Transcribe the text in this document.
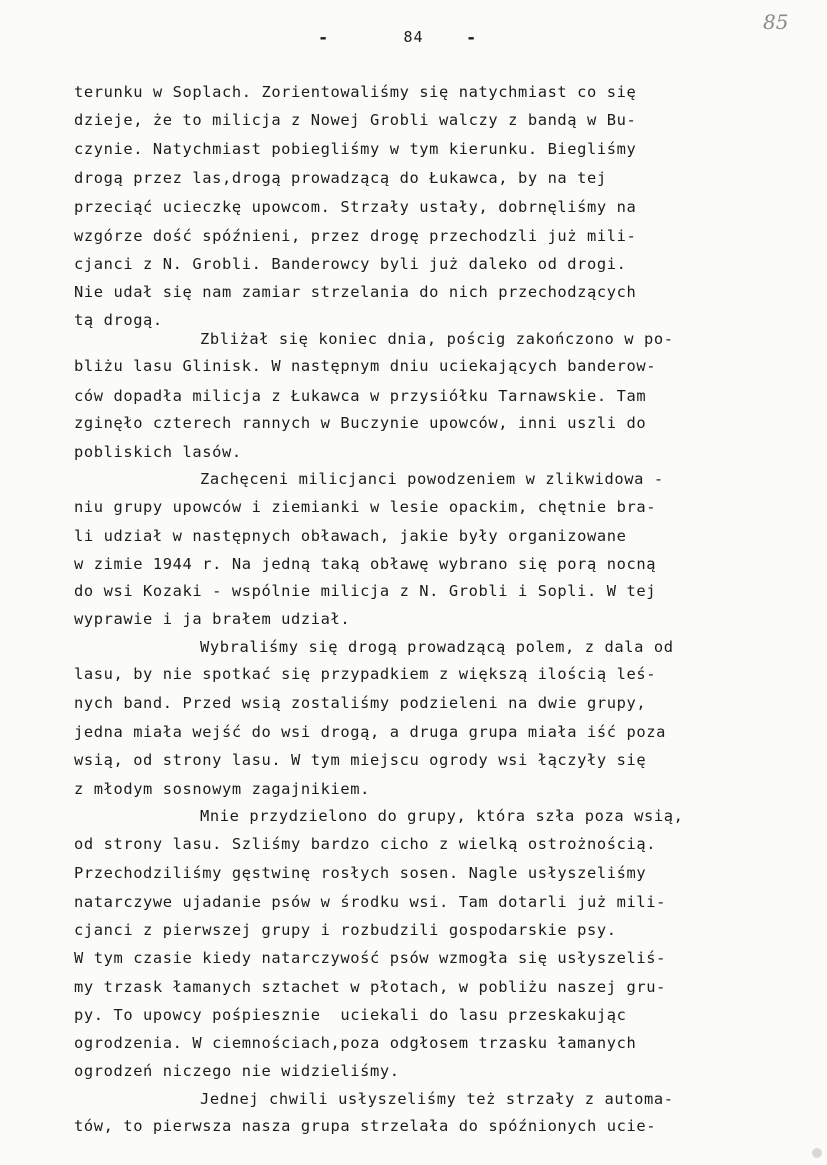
-	84	-
85
terunku w Soplach. Zorientowaliśmy się natychmiast co się
dzieje, że to milicja z Nowej Grobli walczy z bandą w Bu-
czynie. Natychmiast pobiegliśmy w tym kierunku. Biegliśmy
drogą przez las,drogą prowadzącą do Łukawca, by na tej
przeciąć ucieczkę upowcom. Strzały ustały, dobrnęliśmy na
wzgórze dość spóźnieni, przez drogę przechodzli już mili-
cjanci z N. Grobli. Banderowcy byli już daleko od drogi.
Nie udał się nam zamiar strzelania do nich przechodzących
tą drogą.
Zbliżał się koniec dnia, pościg zakończono w po-
bliżu lasu Glinisk. W następnym dniu uciekających banderow-
ców dopadła milicja z Łukawca w przysiółku Tarnawskie. Tam
zginęło czterech rannych w Buczynie upowców, inni uszli do
pobliskich lasów.
Zachęceni milicjanci powodzeniem w zlikwidowa -
niu grupy upowców i ziemianki w lesie opackim, chętnie bra-
li udział w następnych obławach, jakie były organizowane
w zimie 1944 r. Na jedną taką obławę wybrano się porą nocną
do wsi Kozaki - wspólnie milicja z N. Grobli i Sopli. W tej
wyprawie i ja brałem udział.
Wybraliśmy się drogą prowadzącą polem, z dala od
lasu, by nie spotkać się przypadkiem z większą ilością leś-
nych band. Przed wsią zostaliśmy podzieleni na dwie grupy,
jedna miała wejść do wsi drogą, a druga grupa miała iść poza
wsią, od strony lasu. W tym miejscu ogrody wsi łączyły się
z młodym sosnowym zagajnikiem.
Mnie przydzielono do grupy, która szła poza wsią,
od strony lasu. Szliśmy bardzo cicho z wielką ostrożnością.
Przechodziliśmy gęstwinę rosłych sosen. Nagle usłyszeliśmy
natarczywe ujadanie psów w środku wsi. Tam dotarli już mili-
cjanci z pierwszej grupy i rozbudzili gospodarskie psy.
W tym czasie kiedy natarczywość psów wzmogła się usłyszeliś-
my trzask łamanych sztachet w płotach, w pobliżu naszej gru-
py. To upowcy pośpiesznie  uciekali do lasu przeskakując
ogrodzenia. W ciemnościach,poza odgłosem trzasku łamanych
ogrodzeń niczego nie widzieliśmy.
Jednej chwili usłyszeliśmy też strzały z automa-
tów, to pierwsza nasza grupa strzelała do spóźnionych ucie-
